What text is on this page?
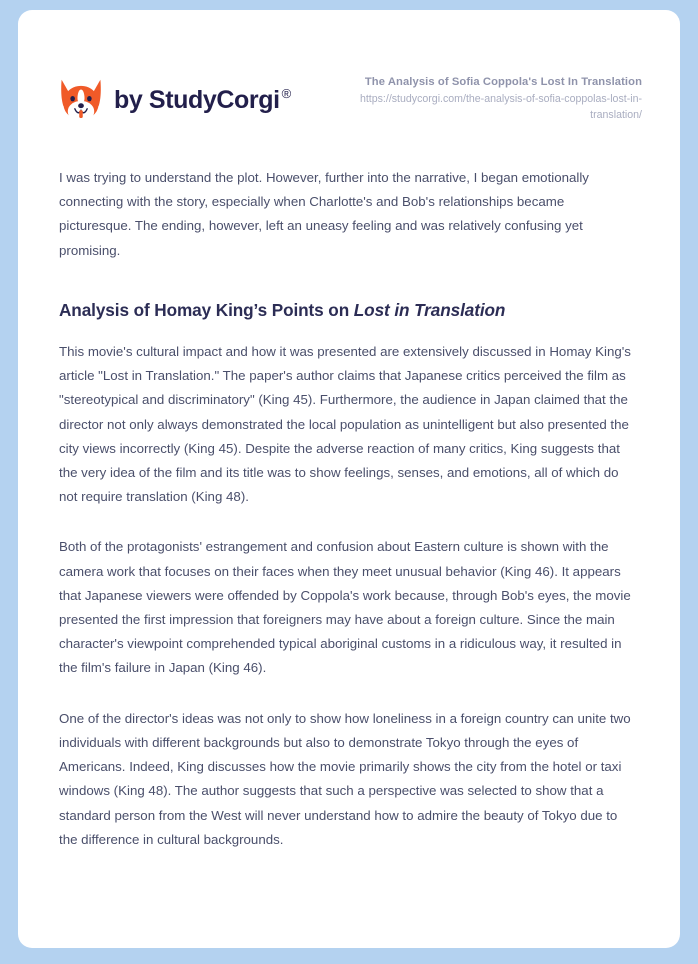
by StudyCorgi ®
The Analysis of Sofia Coppola's Lost In Translation
https://studycorgi.com/the-analysis-of-sofia-coppolas-lost-in-translation/

I was trying to understand the plot. However, further into the narrative, I began emotionally connecting with the story, especially when Charlotte's and Bob's relationships became picturesque. The ending, however, left an uneasy feeling and was relatively confusing yet promising.

Analysis of Homay King’s Points on Lost in Translation

This movie's cultural impact and how it was presented are extensively discussed in Homay King's article "Lost in Translation." The paper's author claims that Japanese critics perceived the film as "stereotypical and discriminatory" (King 45). Furthermore, the audience in Japan claimed that the director not only always demonstrated the local population as unintelligent but also presented the city views incorrectly (King 45). Despite the adverse reaction of many critics, King suggests that the very idea of the film and its title was to show feelings, senses, and emotions, all of which do not require translation (King 48).

Both of the protagonists' estrangement and confusion about Eastern culture is shown with the camera work that focuses on their faces when they meet unusual behavior (King 46). It appears that Japanese viewers were offended by Coppola's work because, through Bob's eyes, the movie presented the first impression that foreigners may have about a foreign culture. Since the main character's viewpoint comprehended typical aboriginal customs in a ridiculous way, it resulted in the film's failure in Japan (King 46).

One of the director's ideas was not only to show how loneliness in a foreign country can unite two individuals with different backgrounds but also to demonstrate Tokyo through the eyes of Americans. Indeed, King discusses how the movie primarily shows the city from the hotel or taxi windows (King 48). The author suggests that such a perspective was selected to show that a standard person from the West will never understand how to admire the beauty of Tokyo due to the difference in cultural backgrounds.
